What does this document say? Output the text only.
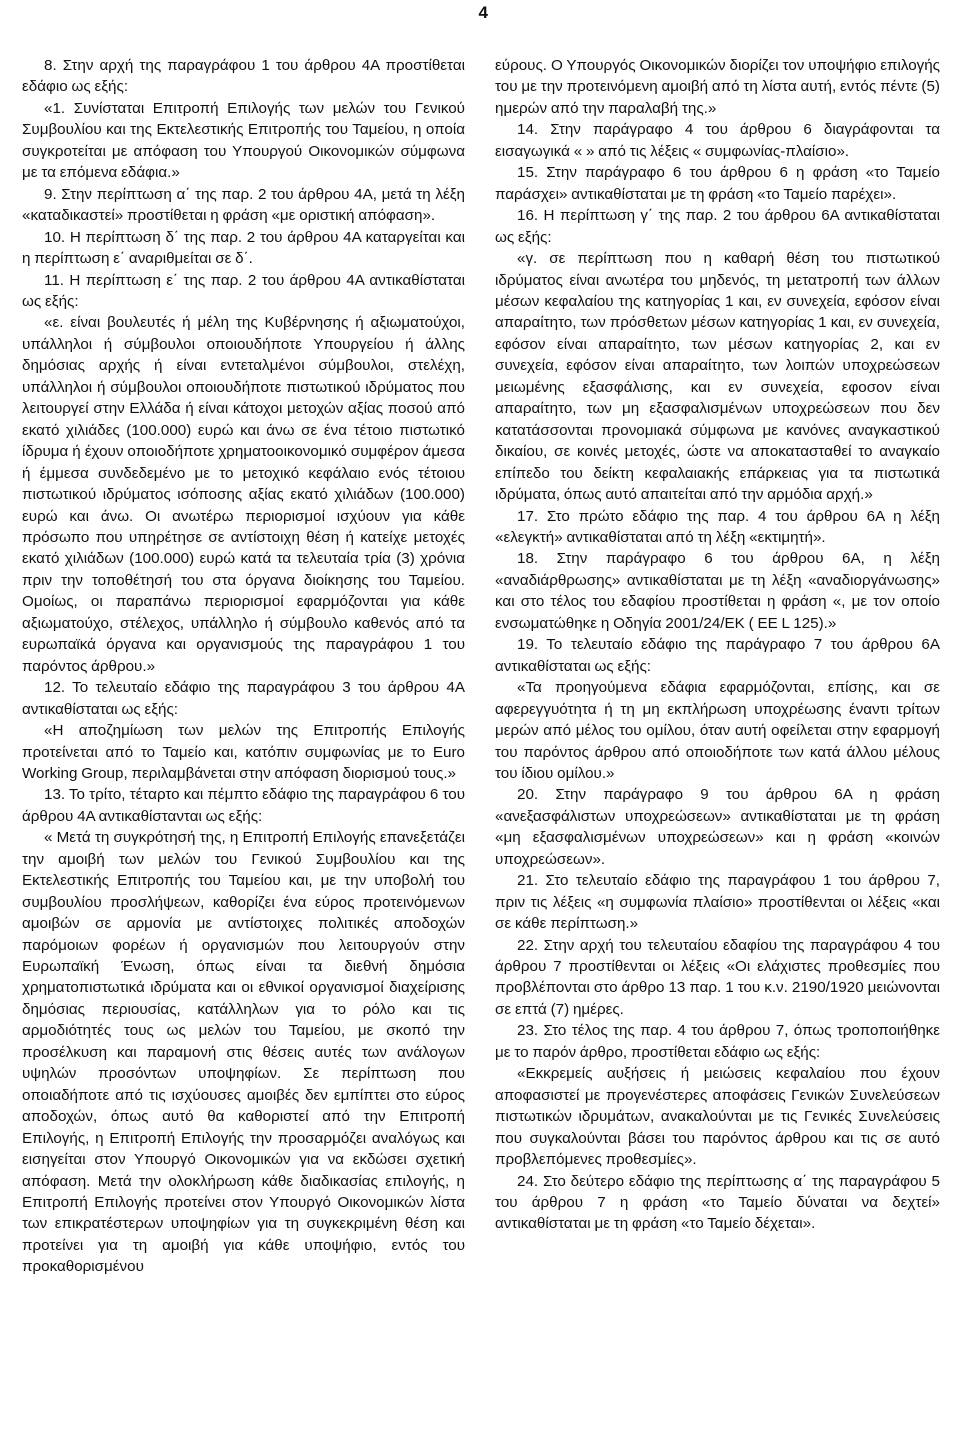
4

8. Στην αρχή της παραγράφου 1 του άρθρου 4Α προστίθεται εδάφιο ως εξής:

«1. Συνίσταται Επιτροπή Επιλογής των μελών του Γενικού Συμβουλίου και της Εκτελεστικής Επιτροπής του Ταμείου, η οποία συγκροτείται με απόφαση του Υπουργού Οικονομικών σύμφωνα με τα επόμενα εδάφια.»

9. Στην περίπτωση α΄ της παρ. 2 του άρθρου 4Α, μετά τη λέξη «καταδικαστεί» προστίθεται η φράση «με οριστική απόφαση».

10. Η περίπτωση δ΄ της παρ. 2 του άρθρου 4Α καταργείται και η περίπτωση ε΄ αναριθμείται σε δ΄.

11. Η περίπτωση ε΄ της παρ. 2 του άρθρου 4Α αντικαθίσταται ως εξής:

«ε. είναι βουλευτές ή μέλη της Κυβέρνησης ή αξιωματούχοι, υπάλληλοι ή σύμβουλοι οποιουδήποτε Υπουργείου ή άλλης δημόσιας αρχής ή είναι εντεταλμένοι σύμβουλοι, στελέχη, υπάλληλοι ή σύμβουλοι οποιουδήποτε πιστωτικού ιδρύματος που λειτουργεί στην Ελλάδα ή είναι κάτοχοι μετοχών αξίας ποσού από εκατό χιλιάδες (100.000) ευρώ και άνω σε ένα τέτοιο πιστωτικό ίδρυμα ή έχουν οποιοδήποτε χρηματοοικονομικό συμφέρον άμεσα ή έμμεσα συνδεδεμένο με το μετοχικό κεφάλαιο ενός τέτοιου πιστωτικού ιδρύματος ισόποσης αξίας εκατό χιλιάδων (100.000) ευρώ και άνω. Οι ανωτέρω περιορισμοί ισχύουν για κάθε πρόσωπο που υπηρέτησε σε αντίστοιχη θέση ή κατείχε μετοχές εκατό χιλιάδων (100.000) ευρώ κατά τα τελευταία τρία (3) χρόνια πριν την τοποθέτησή του στα όργανα διοίκησης του Ταμείου. Ομοίως, οι παραπάνω περιορισμοί εφαρμόζονται για κάθε αξιωματούχο, στέλεχος, υπάλληλο ή σύμβουλο καθενός από τα ευρωπαϊκά όργανα και οργανισμούς της παραγράφου 1 του παρόντος άρθρου.»

12. Το τελευταίο εδάφιο της παραγράφου 3 του άρθρου 4Α αντικαθίσταται ως εξής:

«Η αποζημίωση των μελών της Επιτροπής Επιλογής προτείνεται από το Ταμείο και, κατόπιν συμφωνίας με το Euro Working Group, περιλαμβάνεται στην απόφαση διορισμού τους.»

13. Το τρίτο, τέταρτο και πέμπτο εδάφιο της παραγράφου 6 του άρθρου 4Α αντικαθίστανται ως εξής:

« Μετά τη συγκρότησή της, η Επιτροπή Επιλογής επανεξετάζει την αμοιβή των μελών του Γενικού Συμβουλίου και της Εκτελεστικής Επιτροπής του Ταμείου και, με την υποβολή του συμβουλίου προσλήψεων, καθορίζει ένα εύρος προτεινόμενων αμοιβών σε αρμονία με αντίστοιχες πολιτικές αποδοχών παρόμοιων φορέων ή οργανισμών που λειτουργούν στην Ευρωπαϊκή Ένωση, όπως είναι τα διεθνή δημόσια χρηματοπιστωτικά ιδρύματα και οι εθνικοί οργανισμοί διαχείρισης δημόσιας περιουσίας, κατάλληλων για το ρόλο και τις αρμοδιότητές τους ως μελών του Ταμείου, με σκοπό την προσέλκυση και παραμονή στις θέσεις αυτές των ανάλογων υψηλών προσόντων υποψηφίων. Σε περίπτωση που οποιαδήποτε από τις ισχύουσες αμοιβές δεν εμπίπτει στο εύρος αποδοχών, όπως αυτό θα καθοριστεί από την Επιτροπή Επιλογής, η Επιτροπή Επιλογής την προσαρμόζει αναλόγως και εισηγείται στον Υπουργό Οικονομικών για να εκδώσει σχετική απόφαση. Μετά την ολοκλήρωση κάθε διαδικασίας επιλογής, η Επιτροπή Επιλογής προτείνει στον Υπουργό Οικονομικών λίστα των επικρατέστερων υποψηφίων για τη συγκεκριμένη θέση και προτείνει για τη αμοιβή για κάθε υποψήφιο, εντός του προκαθορισμένου

εύρους. Ο Υπουργός Οικονομικών διορίζει τον υποψήφιο επιλογής του με την προτεινόμενη αμοιβή από τη λίστα αυτή, εντός πέντε (5) ημερών από την παραλαβή της.»

14. Στην παράγραφο 4 του άρθρου 6 διαγράφονται τα εισαγωγικά « » από τις λέξεις « συμφωνίας-πλαίσιο».

15. Στην παράγραφο 6 του άρθρου 6 η φράση «το Ταμείο παράσχει» αντικαθίσταται με τη φράση «το Ταμείο παρέχει».

16. Η περίπτωση γ΄ της παρ. 2 του άρθρου 6Α αντικαθίσταται ως εξής:

«γ. σε περίπτωση που η καθαρή θέση του πιστωτικού ιδρύματος είναι ανωτέρα του μηδενός, τη μετατροπή των άλλων μέσων κεφαλαίου της κατηγορίας 1 και, εν συνεχεία, εφόσον είναι απαραίτητο, των πρόσθετων μέσων κατηγορίας 1 και, εν συνεχεία, εφόσον είναι απαραίτητο, των μέσων κατηγορίας 2, και εν συνεχεία, εφόσον είναι απαραίτητο, των λοιπών υποχρεώσεων μειωμένης εξασφάλισης, και εν συνεχεία, εφοσον είναι απαραίτητο, των μη εξασφαλισμένων υποχρεώσεων που δεν κατατάσσονται προνομιακά σύμφωνα με κανόνες αναγκαστικού δικαίου, σε κοινές μετοχές, ώστε να αποκατασταθεί το αναγκαίο επίπεδο του δείκτη κεφαλαιακής επάρκειας για τα πιστωτικά ιδρύματα, όπως αυτό απαιτείται από την αρμόδια αρχή.»

17. Στο πρώτο εδάφιο της παρ. 4 του άρθρου 6Α η λέξη «ελεγκτή» αντικαθίσταται από τη λέξη «εκτιμητή».

18. Στην παράγραφο 6 του άρθρου 6Α, η λέξη «αναδιάρθρωσης» αντικαθίσταται με τη λέξη «αναδιοργάνωσης» και στο τέλος του εδαφίου προστίθεται η φράση «, με τον οποίο ενσωματώθηκε η Οδηγία 2001/24/ΕΚ ( ΕΕ L 125).»

19. Το τελευταίο εδάφιο της παράγραφο 7 του άρθρου 6Α αντικαθίσταται ως εξής:

«Τα προηγούμενα εδάφια εφαρμόζονται, επίσης, και σε αφερεγγυότητα ή τη μη εκπλήρωση υποχρέωσης έναντι τρίτων μερών από μέλος του ομίλου, όταν αυτή οφείλεται στην εφαρμογή του παρόντος άρθρου από οποιοδήποτε των κατά άλλου μέλους του ίδιου ομίλου.»

20. Στην παράγραφο 9 του άρθρου 6Α η φράση «ανεξασφάλιστων υποχρεώσεων» αντικαθίσταται με τη φράση «μη εξασφαλισμένων υποχρεώσεων» και η φράση «κοινών υποχρεώσεων».

21. Στο τελευταίο εδάφιο της παραγράφου 1 του άρθρου 7, πριν τις λέξεις «η συμφωνία πλαίσιο» προστίθενται οι λέξεις «και σε κάθε περίπτωση.»

22. Στην αρχή του τελευταίου εδαφίου της παραγράφου 4 του άρθρου 7 προστίθενται οι λέξεις «Οι ελάχιστες προθεσμίες που προβλέπονται στο άρθρο 13 παρ. 1 του κ.ν. 2190/1920 μειώνονται σε επτά (7) ημέρες.

23. Στο τέλος της παρ. 4 του άρθρου 7, όπως τροποποιήθηκε με το παρόν άρθρο, προστίθεται εδάφιο ως εξής:

«Εκκρεμείς αυξήσεις ή μειώσεις κεφαλαίου που έχουν αποφασιστεί με προγενέστερες αποφάσεις Γενικών Συνελεύσεων πιστωτικών ιδρυμάτων, ανακαλούνται με τις Γενικές Συνελεύσεις που συγκαλούνται βάσει του παρόντος άρθρου και τις σε αυτό προβλεπόμενες προθεσμίες».

24. Στο δεύτερο εδάφιο της περίπτωσης α΄ της παραγράφου 5 του άρθρου 7 η φράση «το Ταμείο δύναται να δεχτεί» αντικαθίσταται με τη φράση «το Ταμείο δέχεται».
